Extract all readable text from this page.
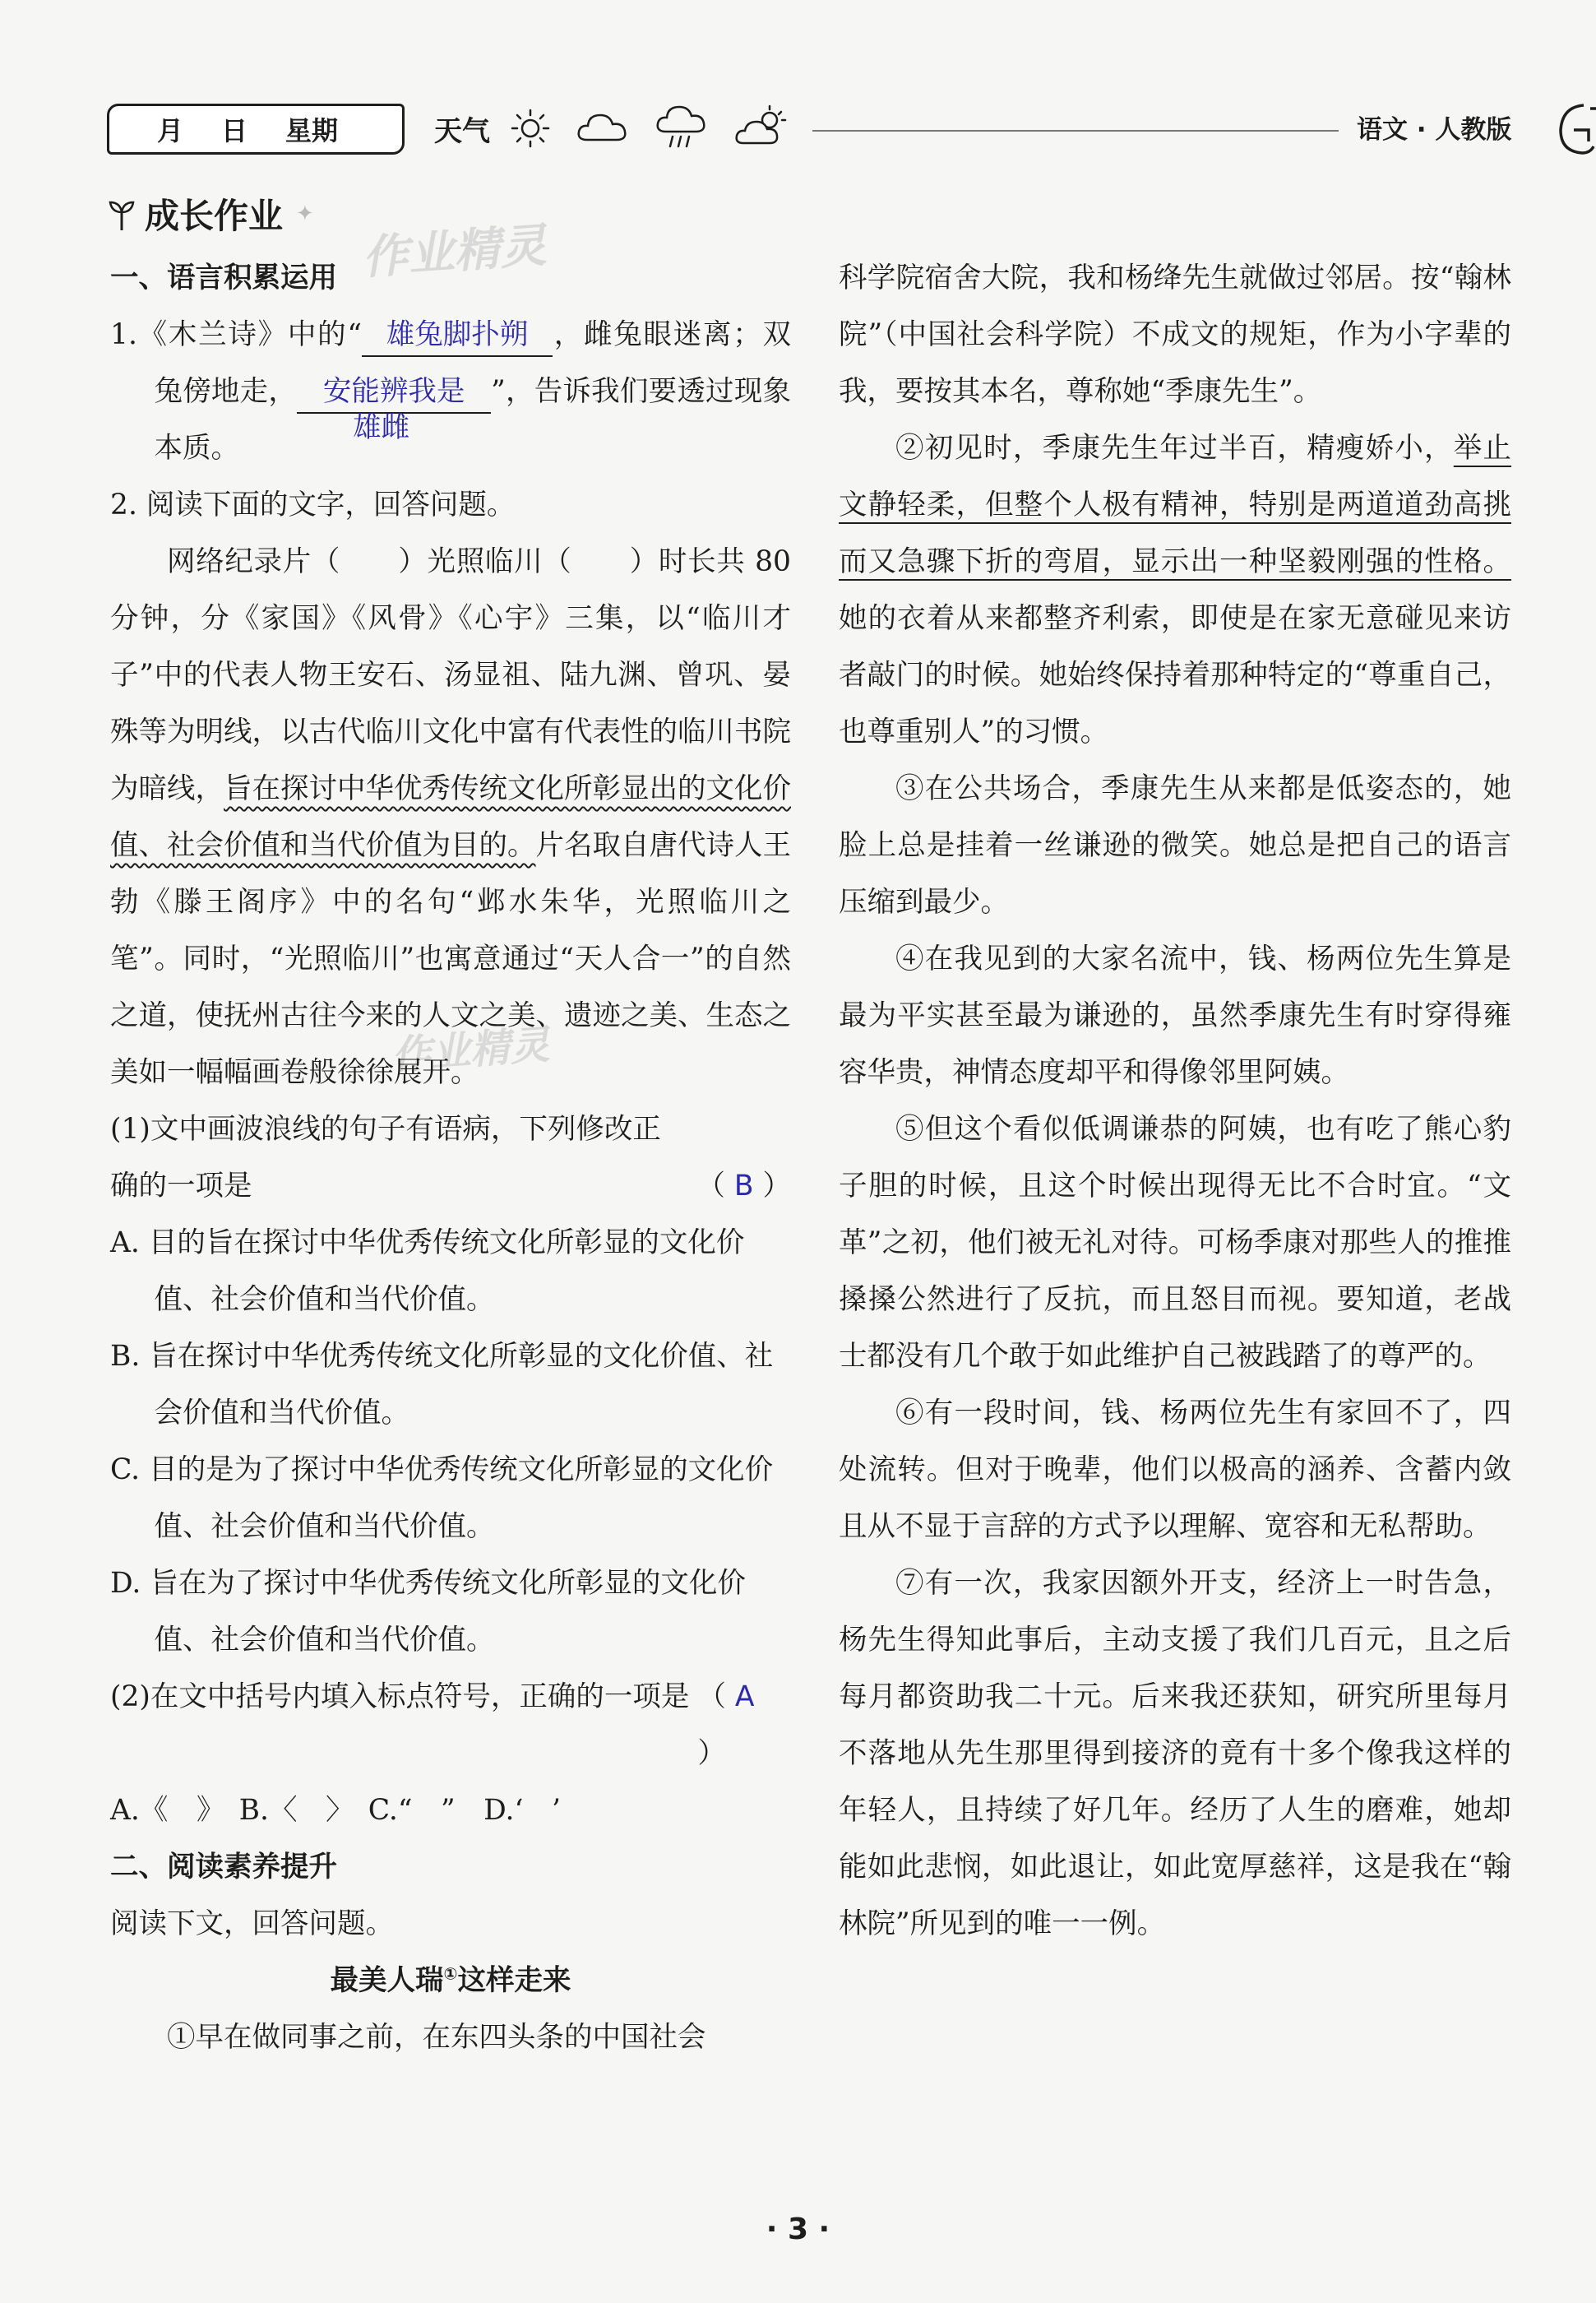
月 日 星期	天气	语文 · 人教版
成长作业 ✦
作业精灵
作业精灵

一、语言积累运用

1.《木兰诗》中的“ 雄兔脚扑朔 ，雌兔眼迷离；双兔傍地走， 安能辨我是
雄雌
”，告诉我们要透过现象本质。

2. 阅读下面的文字，回答问题。

网络纪录片（　　）光照临川（　　）时长共 80 分钟，分《家国》《风骨》《心宇》三集，以“临川才子”中的代表人物王安石、汤显祖、陆九渊、曾巩、晏殊等为明线，以古代临川文化中富有代表性的临川书院为暗线，旨在探讨中华优秀传统文化所彰显出的文化价值、社会价值和当代价值为目的。片名取自唐代诗人王勃《滕王阁序》中的名句“邺水朱华，光照临川之笔”。同时，“光照临川”也寓意通过“天人合一”的自然之道，使抚州古往今来的人文之美、遗迹之美、生态之美如一幅幅画卷般徐徐展开。

(1)文中画波浪线的句子有语病，下列修改正确的一项是	（ B ）

A. 目的旨在探讨中华优秀传统文化所彰显的文化价值、社会价值和当代价值。

B. 旨在探讨中华优秀传统文化所彰显的文化价值、社会价值和当代价值。

C. 目的是为了探讨中华优秀传统文化所彰显的文化价值、社会价值和当代价值。

D. 旨在为了探讨中华优秀传统文化所彰显的文化价值、社会价值和当代价值。

(2)在文中括号内填入标点符号，正确的一项是 （ A ）

A.《　》　B.〈　〉　C.“　”　D.‘　’

二、阅读素养提升

阅读下文，回答问题。

最美人瑞①这样走来

①早在做同事之前，在东四头条的中国社会

科学院宿舍大院，我和杨绛先生就做过邻居。按“翰林院”（中国社会科学院）不成文的规矩，作为小字辈的我，要按其本名，尊称她“季康先生”。

②初见时，季康先生年过半百，精瘦娇小，举止文静轻柔，但整个人极有精神，特别是两道道劲高挑而又急骤下折的弯眉，显示出一种坚毅刚强的性格。她的衣着从来都整齐利索，即使是在家无意碰见来访者敲门的时候。她始终保持着那种特定的“尊重自己，也尊重别人”的习惯。

③在公共场合，季康先生从来都是低姿态的，她脸上总是挂着一丝谦逊的微笑。她总是把自己的语言压缩到最少。

④在我见到的大家名流中，钱、杨两位先生算是最为平实甚至最为谦逊的，虽然季康先生有时穿得雍容华贵，神情态度却平和得像邻里阿姨。

⑤但这个看似低调谦恭的阿姨，也有吃了熊心豹子胆的时候，且这个时候出现得无比不合时宜。“文革”之初，他们被无礼对待。可杨季康对那些人的推推搡搡公然进行了反抗，而且怒目而视。要知道，老战士都没有几个敢于如此维护自己被践踏了的尊严的。

⑥有一段时间，钱、杨两位先生有家回不了，四处流转。但对于晚辈，他们以极高的涵养、含蓄内敛且从不显于言辞的方式予以理解、宽容和无私帮助。

⑦有一次，我家因额外开支，经济上一时告急，杨先生得知此事后，主动支援了我们几百元，且之后每月都资助我二十元。后来我还获知，研究所里每月不落地从先生那里得到接济的竟有十多个像我这样的年轻人，且持续了好几年。经历了人生的磨难，她却能如此悲悯，如此退让，如此宽厚慈祥，这是我在“翰林院”所见到的唯一一例。

· 3 ·
